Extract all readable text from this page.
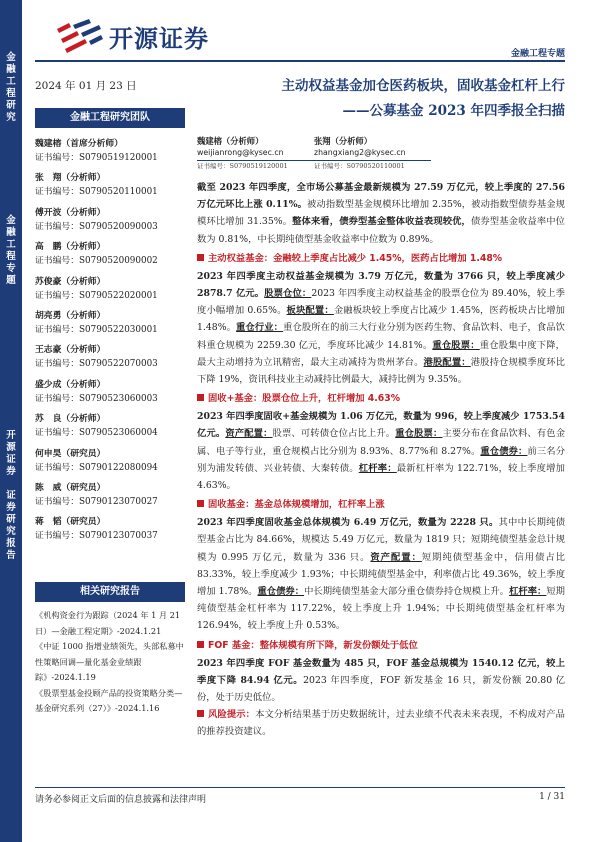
金
融
工
程
研
究
金
融
工
程
专
题
开
源
证
券

证
券
研
究
报
告
开源证券
金融工程专题
2024 年 01 月 23 日
金融工程研究团队
魏建榕（首席分析师）
证书编号：S0790519120001
张　翔（分析师）
证书编号：S0790520110001
傅开波（分析师）
证书编号：S0790520090003
高　鹏（分析师）
证书编号：S0790520090002
苏俊豪（分析师）
证书编号：S0790522020001
胡亮勇（分析师）
证书编号：S0790522030001
王志豪（分析师）
证书编号：S0790522070003
盛少成（分析师）
证书编号：S0790523060003
苏　良（分析师）
证书编号：S0790523060004
何申昊（研究员）
证书编号：S0790122080094
陈　威（研究员）
证书编号：S0790123070027
蒋　韬（研究员）
证书编号：S0790123070037
相关研究报告
《机构资金行为跟踪（2024 年 1 月 21 日）—金融工程定期》-2024.1.21
《中证 1000 指增业绩领先，头部私募中性策略回调—量化基金业绩跟踪》-2024.1.19
《股票型基金投顾产品的投资策略分类—基金研究系列（27）》-2024.1.16
主动权益基金加仓医药板块，固收基金杠杆上行
——公募基金 2023 年四季报全扫描
魏建榕（分析师）
weijianrong@kysec.cn
张翔（分析师）
zhangxiang2@kysec.cn
证书编号：S0790519120001	证书编号：S0790520110001

截至 2023 年四季度，全市场公募基金最新规模为 27.59 万亿元，较上季度的 27.56 万亿元环比上涨 0.11%。被动指数型基金规模环比增加 2.35%，被动指数型债券基金规模环比增加 31.35%。整体来看，债券型基金整体收益表现较优，债券型基金收益率中位数为 0.81%，中长期纯债型基金收益率中位数为 0.89%。

主动权益基金：金融较上季度占比减少 1.45%，医药占比增加 1.48%

2023 年四季度主动权益基金规模为 3.79 万亿元，数量为 3766 只，较上季度减少 2878.7 亿元。股票仓位：2023 年四季度主动权益基金的股票仓位为 89.40%，较上季度小幅增加 0.65%。板块配置：金融板块较上季度占比减少 1.45%，医药板块占比增加 1.48%。重仓行业：重仓股所在的前三大行业分别为医药生物、食品饮料、电子，食品饮料重仓规模为 2259.30 亿元，季度环比减少 14.81%。重仓股票：重仓股集中度下降，最大主动增持为立讯精密，最大主动减持为贵州茅台。港股配置：港股持仓规模季度环比下降 19%，资讯科技业主动减持比例最大，减持比例为 9.35%。

固收+基金：股票仓位上升，杠杆增加 4.63%

2023 年四季度固收+基金规模为 1.06 万亿元，数量为 996，较上季度减少 1753.54 亿元。资产配置：股票、可转债仓位占比上升。重仓股票：主要分布在食品饮料、有色金属、电子等行业，重仓规模占比分别为 8.93%、8.77%和 8.27%。重仓债券：前三名分别为浦发转债、兴业转债、大秦转债。杠杆率：最新杠杆率为 122.71%，较上季度增加 4.63%。

固收基金：基金总体规模增加，杠杆率上涨

2023 年四季度固收基金总体规模为 6.49 万亿元，数量为 2228 只。其中中长期纯债型基金占比为 84.66%，规模达 5.49 万亿元，数量为 1819 只；短期纯债型基金总计规模为 0.995 万亿元，数量为 336 只。资产配置：短期纯债型基金中，信用债占比 83.33%，较上季度减少 1.93%；中长期纯债型基金中，利率债占比 49.36%，较上季度增加 1.78%。重仓债券：中长期纯债型基金大部分重仓债券持仓规模上升。杠杆率：短期纯债型基金杠杆率为 117.22%，较上季度上升 1.94%；中长期纯债型基金杠杆率为 126.94%，较上季度上升 0.53%。

FOF 基金：整体规模有所下降，新发份额处于低位

2023 年四季度 FOF 基金数量为 485 只，FOF 基金总规模为 1540.12 亿元，较上季度下降 84.94 亿元。2023 年四季度，FOF 新发基金 16 只，新发份额 20.80 亿份，处于历史低位。

风险提示：本文分析结果基于历史数据统计，过去业绩不代表未来表现，不构成对产品的推荐投资建议。

请务必参阅正文后面的信息披露和法律声明	1 / 31
